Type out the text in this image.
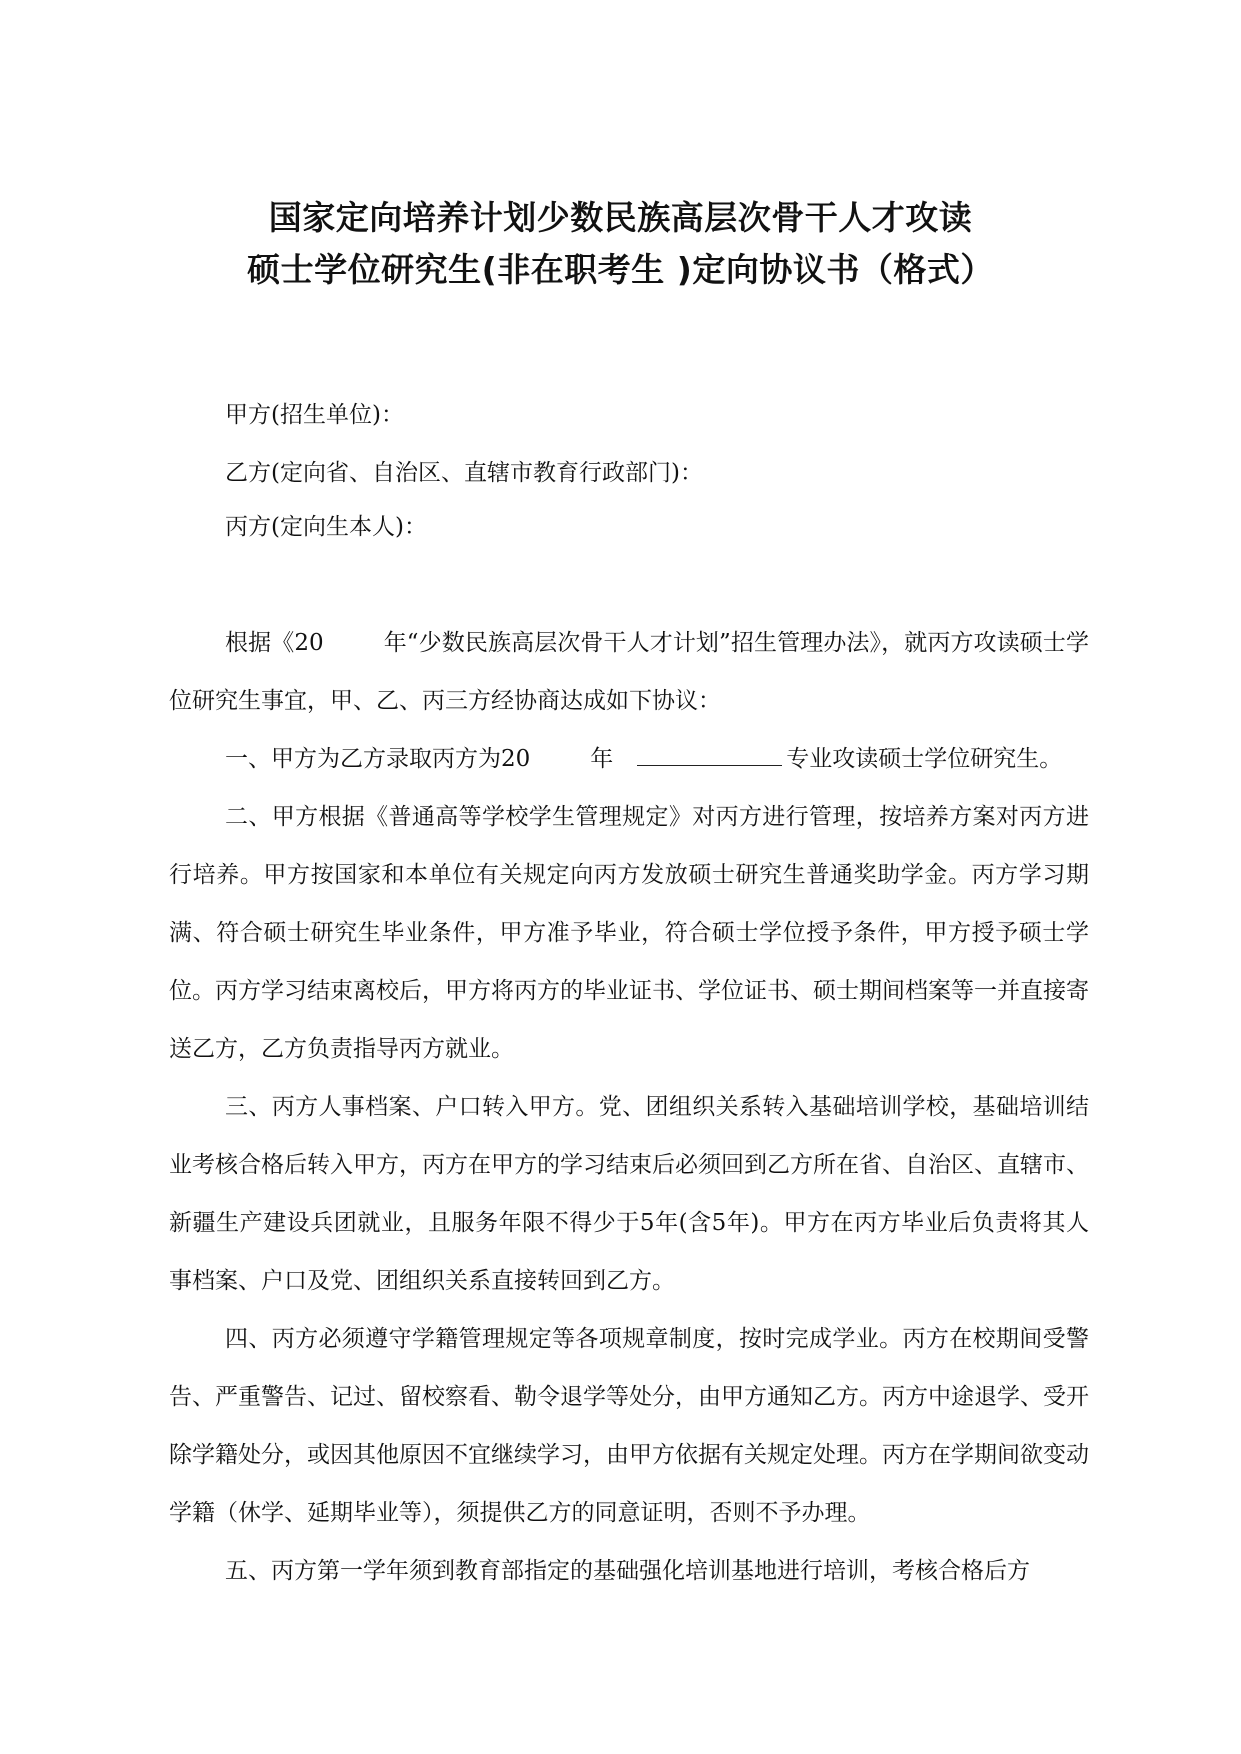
国家定向培养计划少数民族高层次骨干人才攻读
硕士学位研究生(非在职考生 )定向协议书（格式）
甲方(招生单位)：
乙方(定向省、自治区、直辖市教育行政部门)：
丙方(定向生本人)：

根据《20	年“少数民族高层次骨干人才计划”招生管理办法》，就丙方攻读硕士学位研究生事宜，甲、乙、丙三方经协商达成如下协议：

一、甲方为乙方录取丙方为20	年	专业攻读硕士学位研究生。

二、甲方根据《普通高等学校学生管理规定》对丙方进行管理，按培养方案对丙方进行培养。甲方按国家和本单位有关规定向丙方发放硕士研究生普通奖助学金。丙方学习期满、符合硕士研究生毕业条件，甲方准予毕业，符合硕士学位授予条件，甲方授予硕士学位。丙方学习结束离校后，甲方将丙方的毕业证书、学位证书、硕士期间档案等一并直接寄送乙方，乙方负责指导丙方就业。

三、丙方人事档案、户口转入甲方。党、团组织关系转入基础培训学校，基础培训结业考核合格后转入甲方，丙方在甲方的学习结束后必须回到乙方所在省、自治区、直辖市、新疆生产建设兵团就业，且服务年限不得少于5年(含5年)。甲方在丙方毕业后负责将其人事档案、户口及党、团组织关系直接转回到乙方。

四、丙方必须遵守学籍管理规定等各项规章制度，按时完成学业。丙方在校期间受警告、严重警告、记过、留校察看、勒令退学等处分，由甲方通知乙方。丙方中途退学、受开除学籍处分，或因其他原因不宜继续学习，由甲方依据有关规定处理。丙方在学期间欲变动学籍（休学、延期毕业等），须提供乙方的同意证明，否则不予办理。

五、丙方第一学年须到教育部指定的基础强化培训基地进行培训，考核合格后方
